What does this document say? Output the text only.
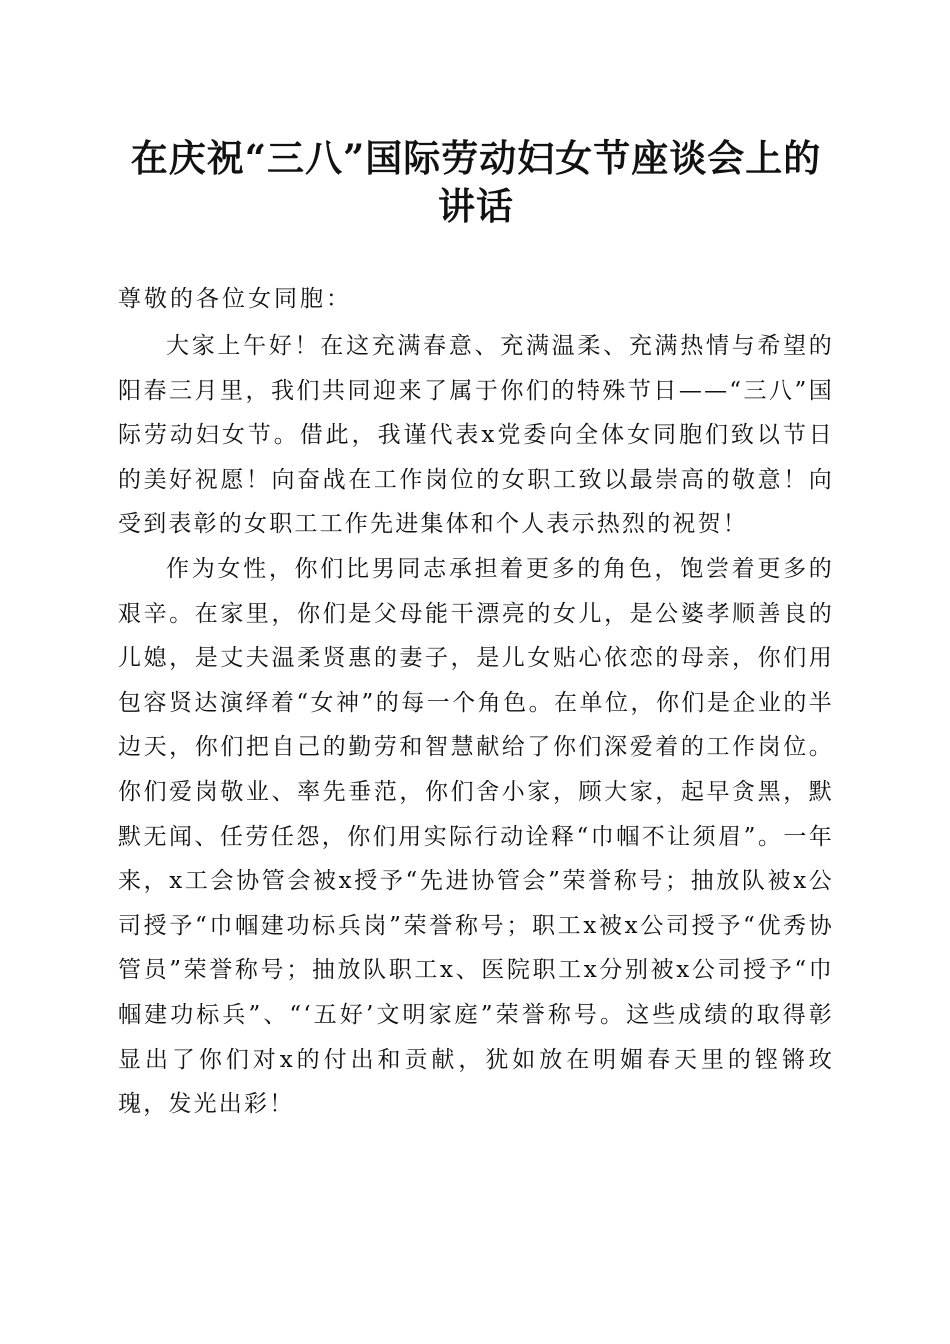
在庆祝“三八”国际劳动妇女节座谈会上的讲话

尊敬的各位女同胞：

大家上午好！在这充满春意、充满温柔、充满热情与希望的阳春三月里，我们共同迎来了属于你们的特殊节日——“三八”国际劳动妇女节。借此，我谨代表x党委向全体女同胞们致以节日的美好祝愿！向奋战在工作岗位的女职工致以最崇高的敬意！向受到表彰的女职工工作先进集体和个人表示热烈的祝贺！

作为女性，你们比男同志承担着更多的角色，饱尝着更多的艰辛。在家里，你们是父母能干漂亮的女儿，是公婆孝顺善良的儿媳，是丈夫温柔贤惠的妻子，是儿女贴心依恋的母亲，你们用包容贤达演绎着“女神”的每一个角色。在单位，你们是企业的半边天，你们把自己的勤劳和智慧献给了你们深爱着的工作岗位。你们爱岗敬业、率先垂范，你们舍小家，顾大家，起早贪黑，默默无闻、任劳任怨，你们用实际行动诠释“巾帼不让须眉”。一年来，x工会协管会被x授予“先进协管会”荣誉称号；抽放队被x公司授予“巾帼建功标兵岗”荣誉称号；职工x被x公司授予“优秀协管员”荣誉称号；抽放队职工x、医院职工x分别被x公司授予“巾帼建功标兵”、“‘五好’文明家庭”荣誉称号。这些成绩的取得彰显出了你们对x的付出和贡献，犹如放在明媚春天里的铿锵玫瑰，发光出彩！
